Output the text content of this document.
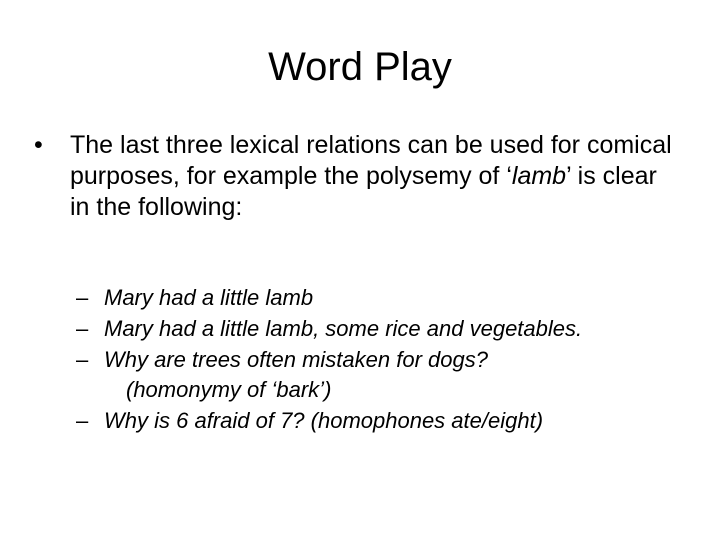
Word Play
• The last three lexical relations can be used for comical purposes, for example the polysemy of ‘lamb’ is clear in the following:
– Mary had a little lamb
– Mary had a little lamb, some rice and vegetables.
– Why are trees often mistaken for dogs?
(homonymy of ‘bark’)
– Why is 6 afraid of 7? (homophones ate/eight)
